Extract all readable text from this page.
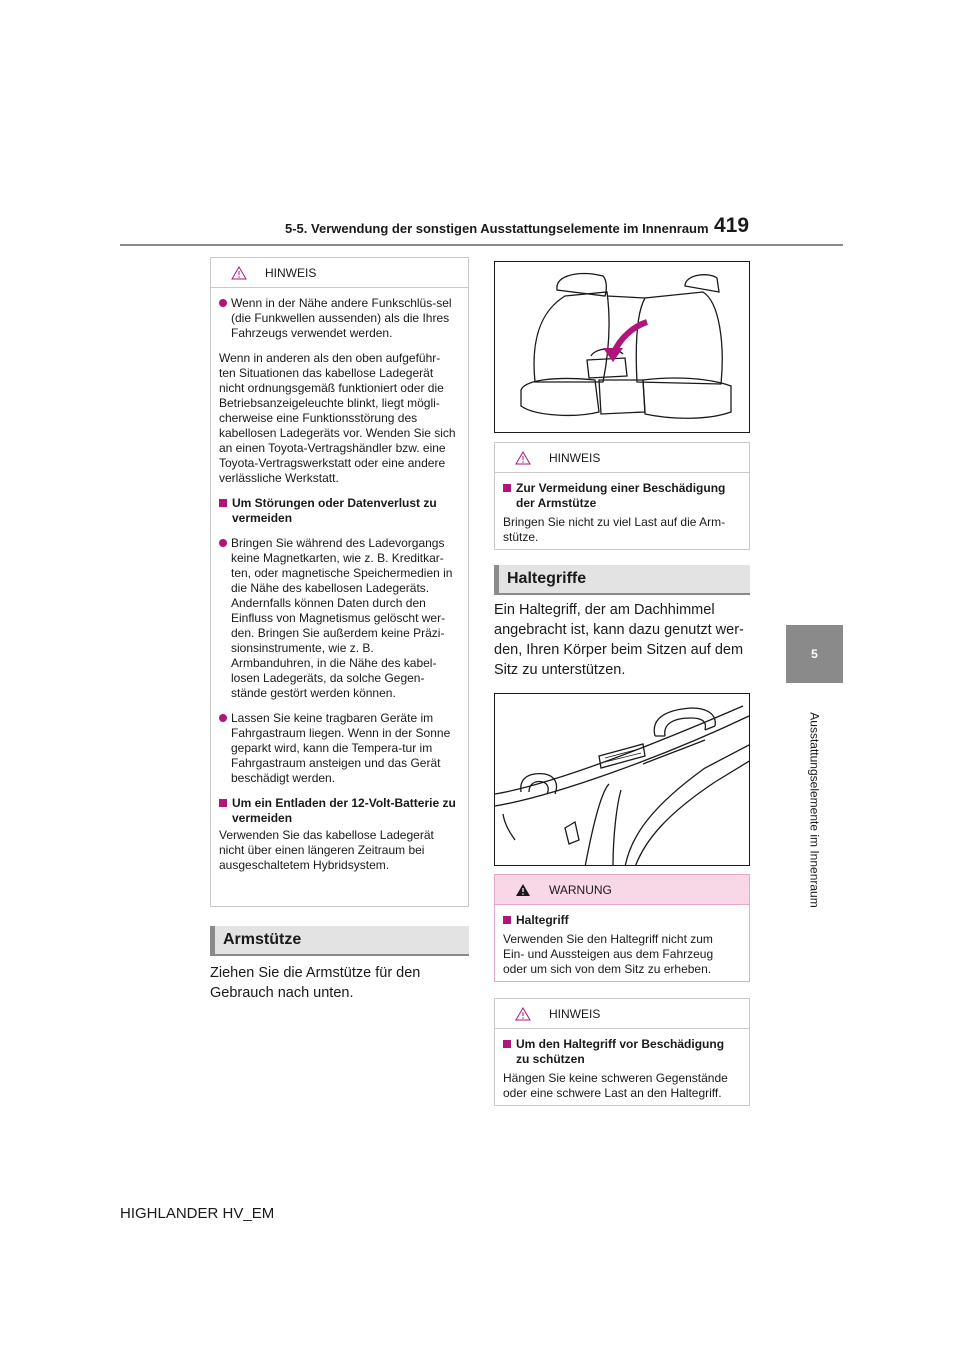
5-5. Verwendung der sonstigen Ausstattungselemente im Innenraum 419
5
Ausstattungselemente im Innenraum
HINWEIS

Wenn in der Nähe andere Funkschlüs-sel (die Funkwellen aussenden) als die Ihres Fahrzeugs verwendet werden.

Wenn in anderen als den oben aufgeführ-ten Situationen das kabellose Ladegerät nicht ordnungsgemäß funktioniert oder die Betriebsanzeigeleuchte blinkt, liegt mögli-cherweise eine Funktionsstörung des kabellosen Ladegeräts vor. Wenden Sie sich an einen Toyota-Vertragshändler bzw. eine Toyota-Vertragswerkstatt oder eine andere verlässliche Werkstatt.

Um Störungen oder Datenverlust zu vermeiden

Bringen Sie während des Ladevorgangs keine Magnetkarten, wie z. B. Kreditkar-ten, oder magnetische Speichermedien in die Nähe des kabellosen Ladegeräts. Andernfalls können Daten durch den Einfluss von Magnetismus gelöscht wer-den. Bringen Sie außerdem keine Präzi-sionsinstrumente, wie z. B. Armbanduhren, in die Nähe des kabel-losen Ladegeräts, da solche Gegen-stände gestört werden können.

Lassen Sie keine tragbaren Geräte im Fahrgastraum liegen. Wenn in der Sonne geparkt wird, kann die Tempera-tur im Fahrgastraum ansteigen und das Gerät beschädigt werden.

Um ein Entladen der 12-Volt-Batterie zu vermeiden

Verwenden Sie das kabellose Ladegerät nicht über einen längeren Zeitraum bei ausgeschaltetem Hybridsystem.

Armstütze
Ziehen Sie die Armstütze für den Gebrauch nach unten.
HINWEIS

Zur Vermeidung einer Beschädigung der Armstütze

Bringen Sie nicht zu viel Last auf die Arm-stütze.

Haltegriffe
Ein Haltegriff, der am Dachhimmel angebracht ist, kann dazu genutzt wer-den, Ihren Körper beim Sitzen auf dem Sitz zu unterstützen.
WARNUNG

Haltegriff

Verwenden Sie den Haltegriff nicht zum Ein- und Aussteigen aus dem Fahrzeug oder um sich von dem Sitz zu erheben.

HINWEIS

Um den Haltegriff vor Beschädigung zu schützen

Hängen Sie keine schweren Gegenstände oder eine schwere Last an den Haltegriff.

HIGHLANDER HV_EM
